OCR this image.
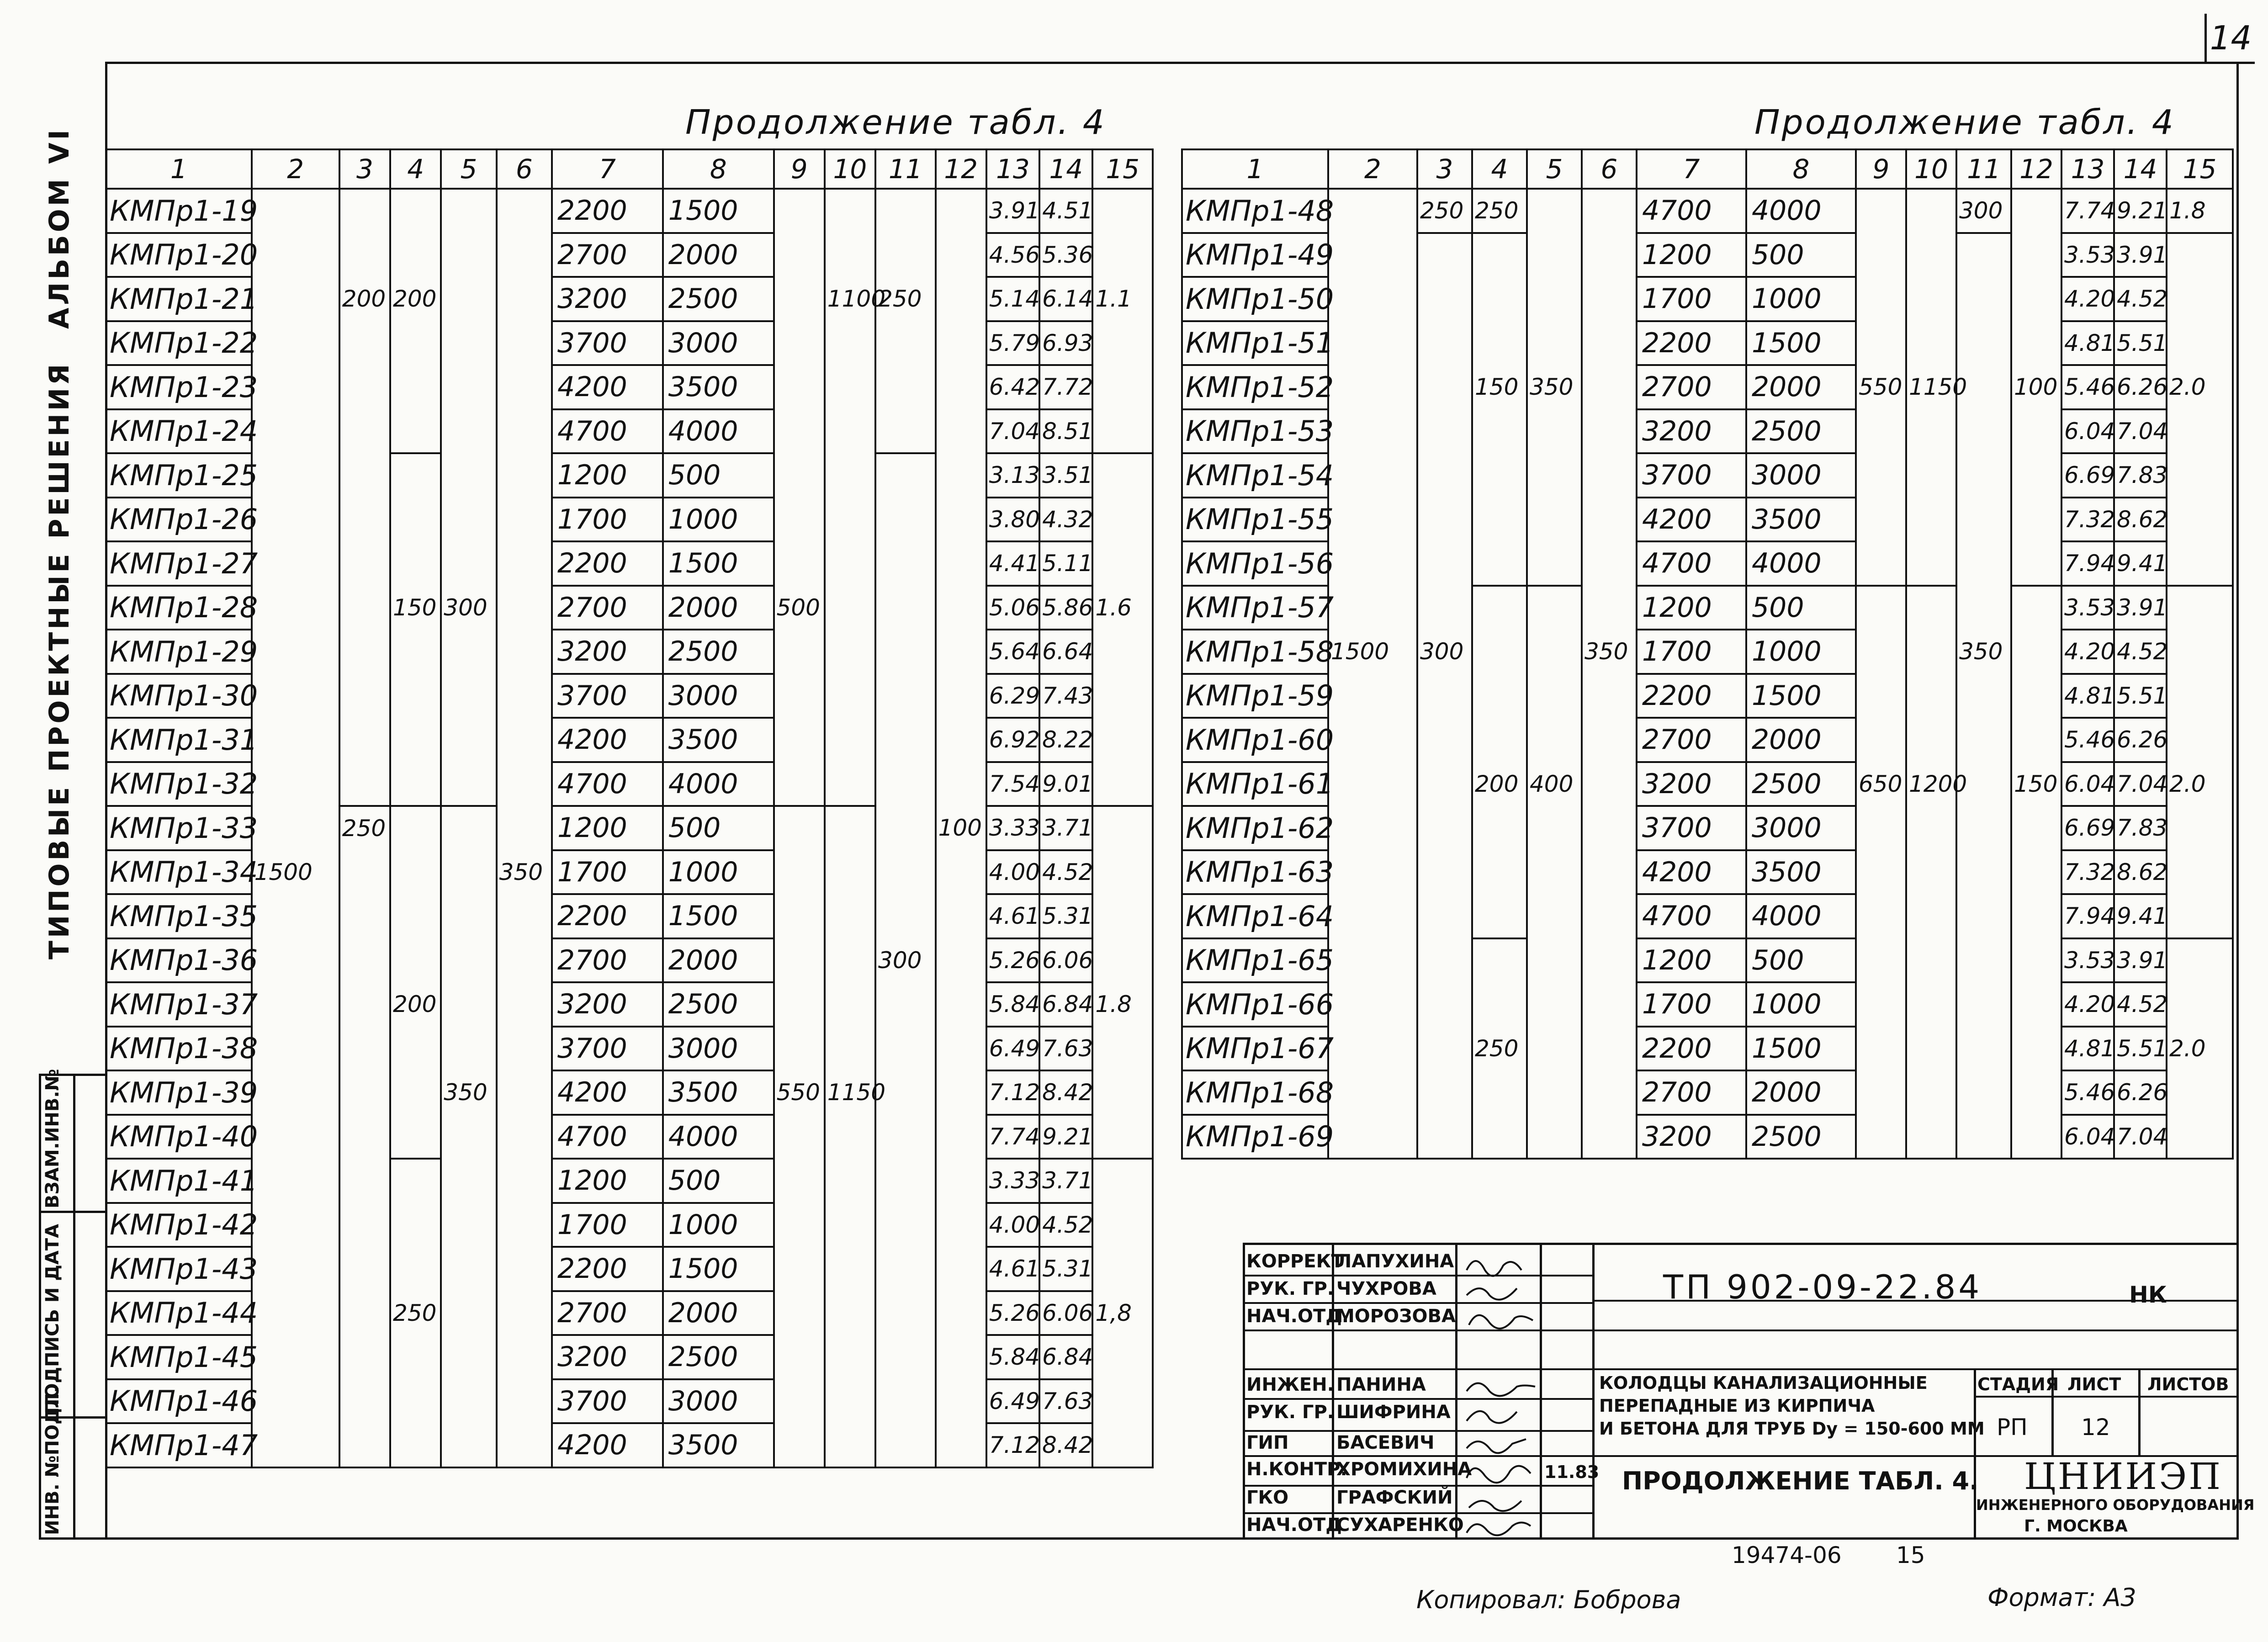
14
АЛЬБОМ VI
ТИПОВЫЕ ПРОЕКТНЫЕ РЕШЕНИЯ
ВЗАМ.ИНВ.№
ПОДПИСЬ И ДАТА
ИНВ. №ПОДЛ.
Продолжение табл. 4	Продолжение табл. 4
1	2	3	4	5	6	7	8	9	10	11	12	13	14	15
КМПр1-19						2200	1500					3.91	4.51	
КМПр1-20						2700	2000					4.56	5.36	
КМПр1-21		200	200			3200	2500		1100	250		5.14	6.14	1.1
КМПр1-22						3700	3000					5.79	6.93	
КМПр1-23						4200	3500					6.42	7.72	
КМПр1-24						4700	4000					7.04	8.51	
КМПр1-25						1200	500					3.13	3.51	
КМПр1-26						1700	1000					3.80	4.32	
КМПр1-27						2200	1500					4.41	5.11	
КМПр1-28			150	300		2700	2000	500				5.06	5.86	1.6
КМПр1-29						3200	2500					5.64	6.64	
КМПр1-30						3700	3000					6.29	7.43	
КМПр1-31						4200	3500					6.92	8.22	
КМПр1-32						4700	4000					7.54	9.01	
КМПр1-33		250				1200	500				100	3.33	3.71	
КМПр1-34	1500				350	1700	1000					4.00	4.52	
КМПр1-35						2200	1500					4.61	5.31	
КМПр1-36						2700	2000			300		5.26	6.06	
КМПр1-37			200			3200	2500					5.84	6.84	1.8
КМПр1-38						3700	3000					6.49	7.63	
КМПр1-39				350		4200	3500	550	1150			7.12	8.42	
КМПр1-40						4700	4000					7.74	9.21	
КМПр1-41						1200	500					3.33	3.71	
КМПр1-42						1700	1000					4.00	4.52	
КМПр1-43						2200	1500					4.61	5.31	
КМПр1-44			250			2700	2000					5.26	6.06	1,8
КМПр1-45						3200	2500					5.84	6.84	
КМПр1-46						3700	3000					6.49	7.63	
КМПр1-47						4200	3500					7.12	8.42	
1	2	3	4	5	6	7	8	9	10	11	12	13	14	15
КМПр1-48		250	250			4700	4000			300		7.74	9.21	1.8
КМПр1-49						1200	500					3.53	3.91	
КМПр1-50						1700	1000					4.20	4.52	
КМПр1-51						2200	1500					4.81	5.51	
КМПр1-52			150	350		2700	2000	550	1150		100	5.46	6.26	2.0
КМПр1-53						3200	2500					6.04	7.04	
КМПр1-54						3700	3000					6.69	7.83	
КМПр1-55						4200	3500					7.32	8.62	
КМПр1-56						4700	4000					7.94	9.41	
КМПр1-57						1200	500					3.53	3.91	
КМПр1-58	1500	300			350	1700	1000			350		4.20	4.52	
КМПр1-59						2200	1500					4.81	5.51	
КМПр1-60						2700	2000					5.46	6.26	
КМПр1-61			200	400		3200	2500	650	1200		150	6.04	7.04	2.0
КМПр1-62						3700	3000					6.69	7.83	
КМПр1-63						4200	3500					7.32	8.62	
КМПр1-64						4700	4000					7.94	9.41	
КМПр1-65						1200	500					3.53	3.91	
КМПр1-66						1700	1000					4.20	4.52	
КМПр1-67			250			2200	1500					4.81	5.51	2.0
КМПр1-68						2700	2000					5.46	6.26	
КМПр1-69						3200	2500					6.04	7.04	
КОРРЕКТ
ЛАПУХИНА
РУК. ГР. ЧУХРОВА
НАЧ.ОТД.
МОРОЗОВА
ИНЖЕН. ПАНИНА
РУК. ГР. ШИФРИНА
ГИП	БАСЕВИЧ
Н.КОНТР.
ХРОМИХИНА
ГКО	ГРАФСКИЙ
НАЧ.ОТД
СУХАРЕНКО
11.83
ТП 902-09-22.84	НК
КОЛОДЦЫ КАНАЛИЗАЦИОННЫЕ
ПЕРЕПАДНЫЕ ИЗ КИРПИЧА
И БЕТОНА ДЛЯ ТРУБ Dу = 150-600 ММ
СТАДИЯ ЛИСТ ЛИСТОВ
РП 12
ПРОДОЛЖЕНИЕ ТАБЛ. 4. ЦНИИЭП
ИНЖЕНЕРНОГО ОБОРУДОВАНИЯ
Г. МОСКВА
19474-06 15
Копировал: Боброва	Формат: А3
